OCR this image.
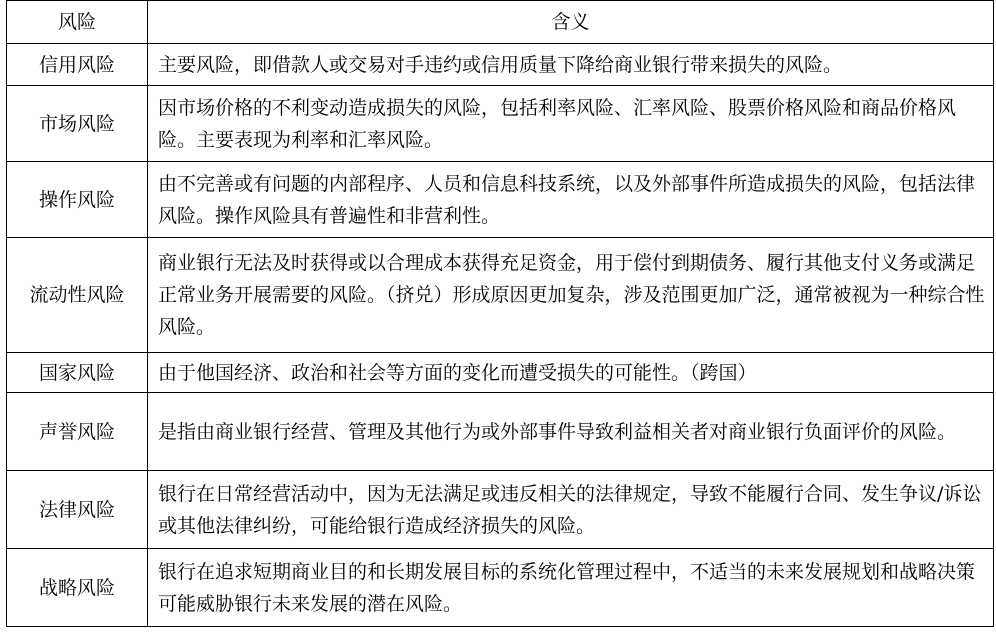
风险	含义
信用风险	主要风险，即借款人或交易对手违约或信用质量下降给商业银行带来损失的风险。
市场风险	因市场价格的不利变动造成损失的风险，包括利率风险、汇率风险、股票价格风险和商品价格风险。主要表现为利率和汇率风险。
操作风险	由不完善或有问题的内部程序、人员和信息科技系统，以及外部事件所造成损失的风险，包括法律风险。操作风险具有普遍性和非营利性。
流动性风险	商业银行无法及时获得或以合理成本获得充足资金，用于偿付到期债务、履行其他支付义务或满足正常业务开展需要的风险。（挤兑）形成原因更加复杂，涉及范围更加广泛，通常被视为一种综合性风险。
国家风险	由于他国经济、政治和社会等方面的变化而遭受损失的可能性。（跨国）
声誉风险	是指由商业银行经营、管理及其他行为或外部事件导致利益相关者对商业银行负面评价的风险。
法律风险	银行在日常经营活动中，因为无法满足或违反相关的法律规定，导致不能履行合同、发生争议/诉讼或其他法律纠纷，可能给银行造成经济损失的风险。
战略风险	银行在追求短期商业目的和长期发展目标的系统化管理过程中，不适当的未来发展规划和战略决策可能威胁银行未来发展的潜在风险。
